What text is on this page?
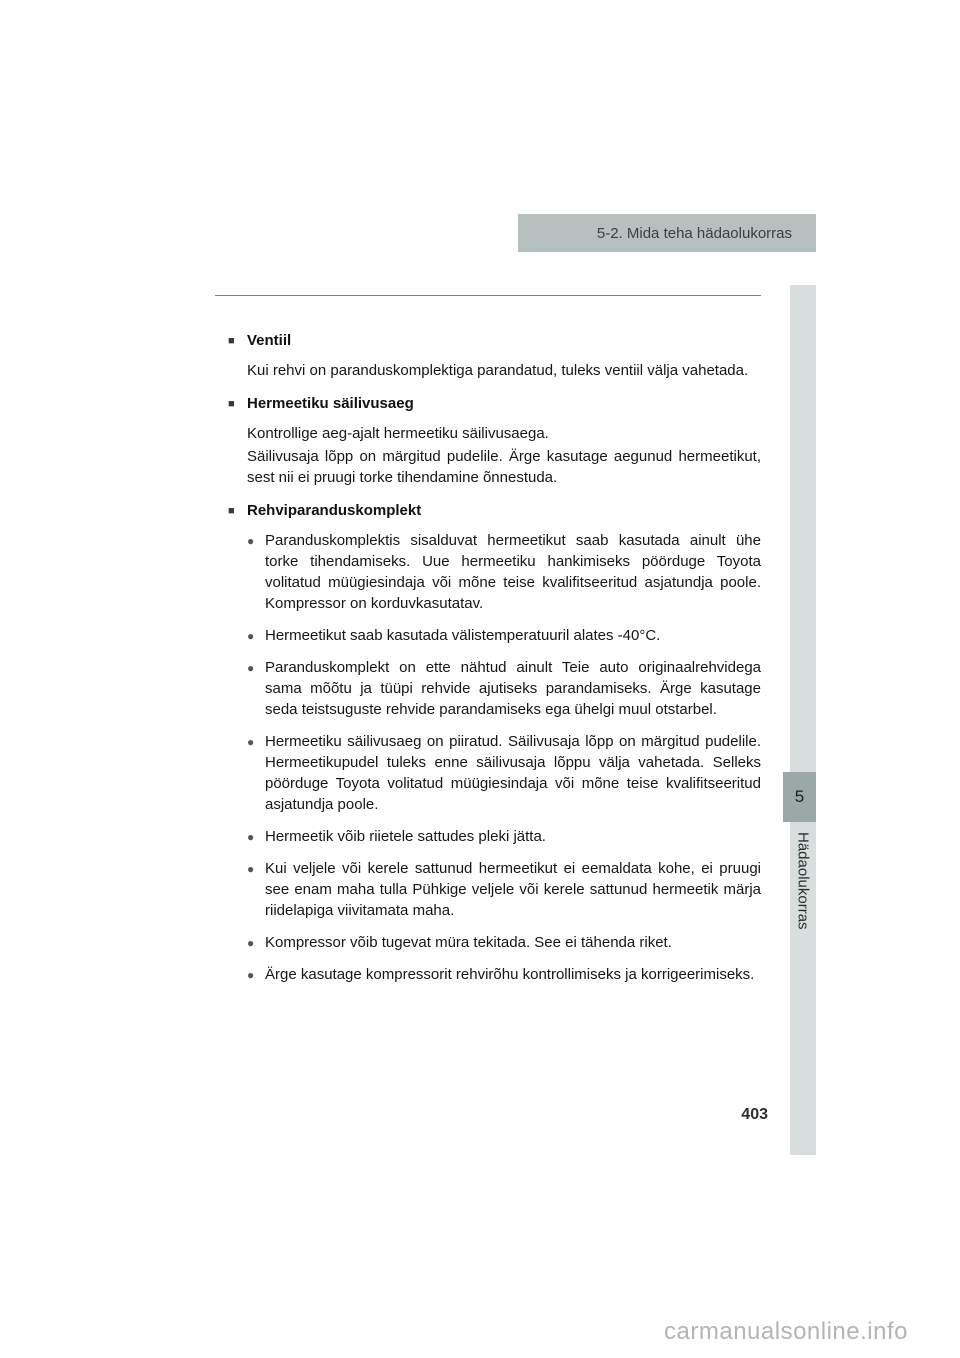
5-2. Mida teha hädaolukorras
5
Hädaolukorras
■ Ventiil

Kui rehvi on paranduskomplektiga parandatud, tuleks ventiil välja vahetada.

■ Hermeetiku säilivusaeg

Kontrollige aeg-ajalt hermeetiku säilivusaega.

Säilivusaja lõpp on märgitud pudelile. Ärge kasutage aegunud hermeetikut, sest nii ei pruugi torke tihendamine õnnestuda.

■ Rehviparanduskomplekt
● Paranduskomplektis sisalduvat hermeetikut saab kasutada ainult ühe torke tihendamiseks. Uue hermeetiku hankimiseks pöörduge Toyota volitatud müügiesindaja või mõne teise kvalifitseeritud asjatundja poole. Kompressor on korduvkasutatav.

● Hermeetikut saab kasutada välistemperatuuril alates -40°C.

● Paranduskomplekt on ette nähtud ainult Teie auto originaalrehvidega sama mõõtu ja tüüpi rehvide ajutiseks parandamiseks. Ärge kasutage seda teistsuguste rehvide parandamiseks ega ühelgi muul otstarbel.

● Hermeetiku säilivusaeg on piiratud. Säilivusaja lõpp on märgitud pudelile. Hermeetikupudel tuleks enne säilivusaja lõppu välja vahetada. Selleks pöörduge Toyota volitatud müügiesindaja või mõne teise kvalifitseeritud asjatundja poole.

● Hermeetik võib riietele sattudes pleki jätta.

● Kui veljele või kerele sattunud hermeetikut ei eemaldata kohe, ei pruugi see enam maha tulla Pühkige veljele või kerele sattunud hermeetik märja riidelapiga viivitamata maha.

● Kompressor võib tugevat müra tekitada. See ei tähenda riket.

● Ärge kasutage kompressorit rehvirõhu kontrollimiseks ja korrigeerimiseks.

403
carmanualsonline.info
